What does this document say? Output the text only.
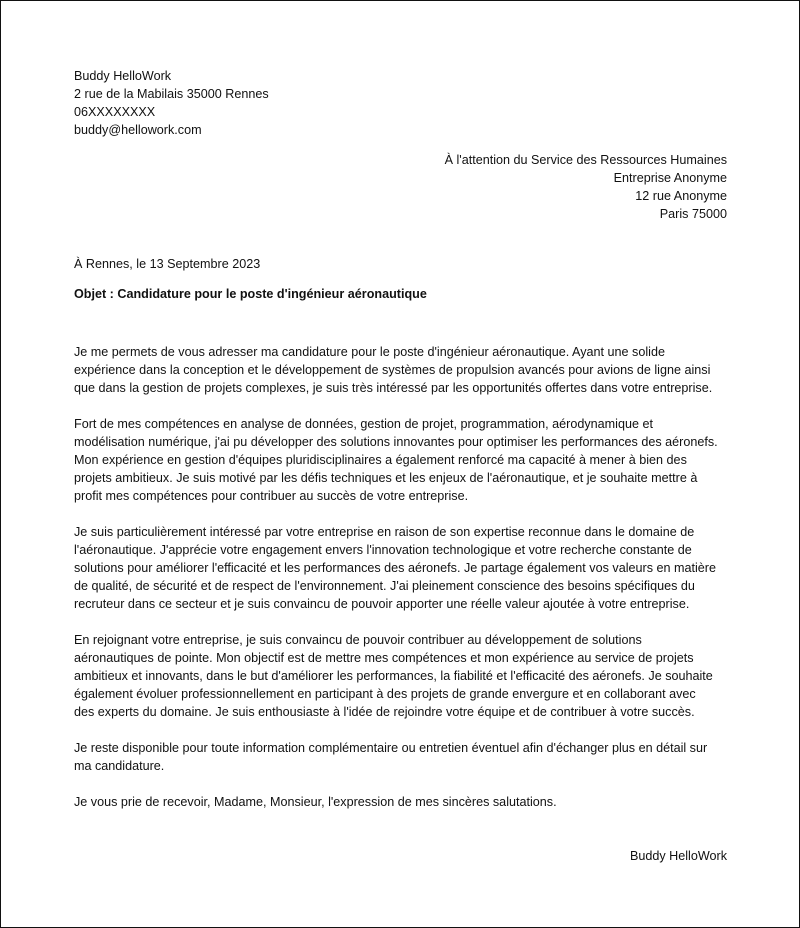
Buddy HelloWork
2 rue de la Mabilais 35000 Rennes
06XXXXXXXX
buddy@hellowork.com
À l'attention du Service des Ressources Humaines
Entreprise Anonyme
12 rue Anonyme
Paris 75000
À Rennes, le 13 Septembre 2023
Objet : Candidature pour le poste d'ingénieur aéronautique

Je me permets de vous adresser ma candidature pour le poste d'ingénieur aéronautique. Ayant une solide
expérience dans la conception et le développement de systèmes de propulsion avancés pour avions de ligne ainsi
que dans la gestion de projets complexes, je suis très intéressé par les opportunités offertes dans votre entreprise.

Fort de mes compétences en analyse de données, gestion de projet, programmation, aérodynamique et
modélisation numérique, j'ai pu développer des solutions innovantes pour optimiser les performances des aéronefs.
Mon expérience en gestion d'équipes pluridisciplinaires a également renforcé ma capacité à mener à bien des
projets ambitieux. Je suis motivé par les défis techniques et les enjeux de l'aéronautique, et je souhaite mettre à
profit mes compétences pour contribuer au succès de votre entreprise.

Je suis particulièrement intéressé par votre entreprise en raison de son expertise reconnue dans le domaine de
l'aéronautique. J'apprécie votre engagement envers l'innovation technologique et votre recherche constante de
solutions pour améliorer l'efficacité et les performances des aéronefs. Je partage également vos valeurs en matière
de qualité, de sécurité et de respect de l'environnement. J'ai pleinement conscience des besoins spécifiques du
recruteur dans ce secteur et je suis convaincu de pouvoir apporter une réelle valeur ajoutée à votre entreprise.

En rejoignant votre entreprise, je suis convaincu de pouvoir contribuer au développement de solutions
aéronautiques de pointe. Mon objectif est de mettre mes compétences et mon expérience au service de projets
ambitieux et innovants, dans le but d'améliorer les performances, la fiabilité et l'efficacité des aéronefs. Je souhaite
également évoluer professionnellement en participant à des projets de grande envergure et en collaborant avec
des experts du domaine. Je suis enthousiaste à l'idée de rejoindre votre équipe et de contribuer à votre succès.

Je reste disponible pour toute information complémentaire ou entretien éventuel afin d'échanger plus en détail sur
ma candidature.

Je vous prie de recevoir, Madame, Monsieur, l'expression de mes sincères salutations.

Buddy HelloWork
